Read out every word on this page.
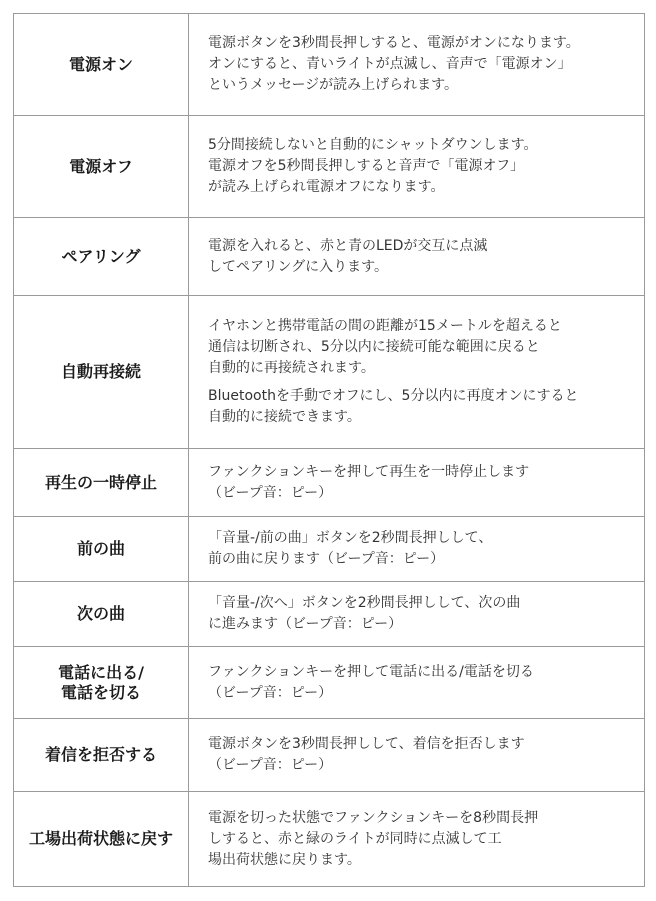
電源オン	電源ボタンを3秒間長押しすると、電源がオンになります。
オンにすると、青いライトが点滅し、音声で「電源オン」
というメッセージが読み上げられます。

電源オフ	5分間接続しないと自動的にシャットダウンします。
電源オフを5秒間長押しすると音声で「電源オフ」
が読み上げられ電源オフになります。

ペアリング	電源を入れると、赤と青のLEDが交互に点滅
してペアリングに入ります。

自動再接続	イヤホンと携帯電話の間の距離が15メートルを超えると
通信は切断され、5分以内に接続可能な範囲に戻ると
自動的に再接続されます。
Bluetoothを手動でオフにし、5分以内に再度オンにすると
自動的に接続できます。

再生の一時停止	ファンクションキーを押して再生を一時停止します
（ビープ音：ピー）

前の曲	「音量-/前の曲」ボタンを2秒間長押しして、
前の曲に戻ります（ビープ音：ピー）

次の曲	「音量-/次へ」ボタンを2秒間長押しして、次の曲
に進みます（ビープ音：ピー）

電話に出る/
電話を切る	ファンクションキーを押して電話に出る/電話を切る
（ビープ音：ピー）

着信を拒否する	電源ボタンを3秒間長押しして、着信を拒否します
（ビープ音：ピー）

工場出荷状態に戻す	電源を切った状態でファンクションキーを8秒間長押
しすると、赤と緑のライトが同時に点滅して工
場出荷状態に戻ります。
